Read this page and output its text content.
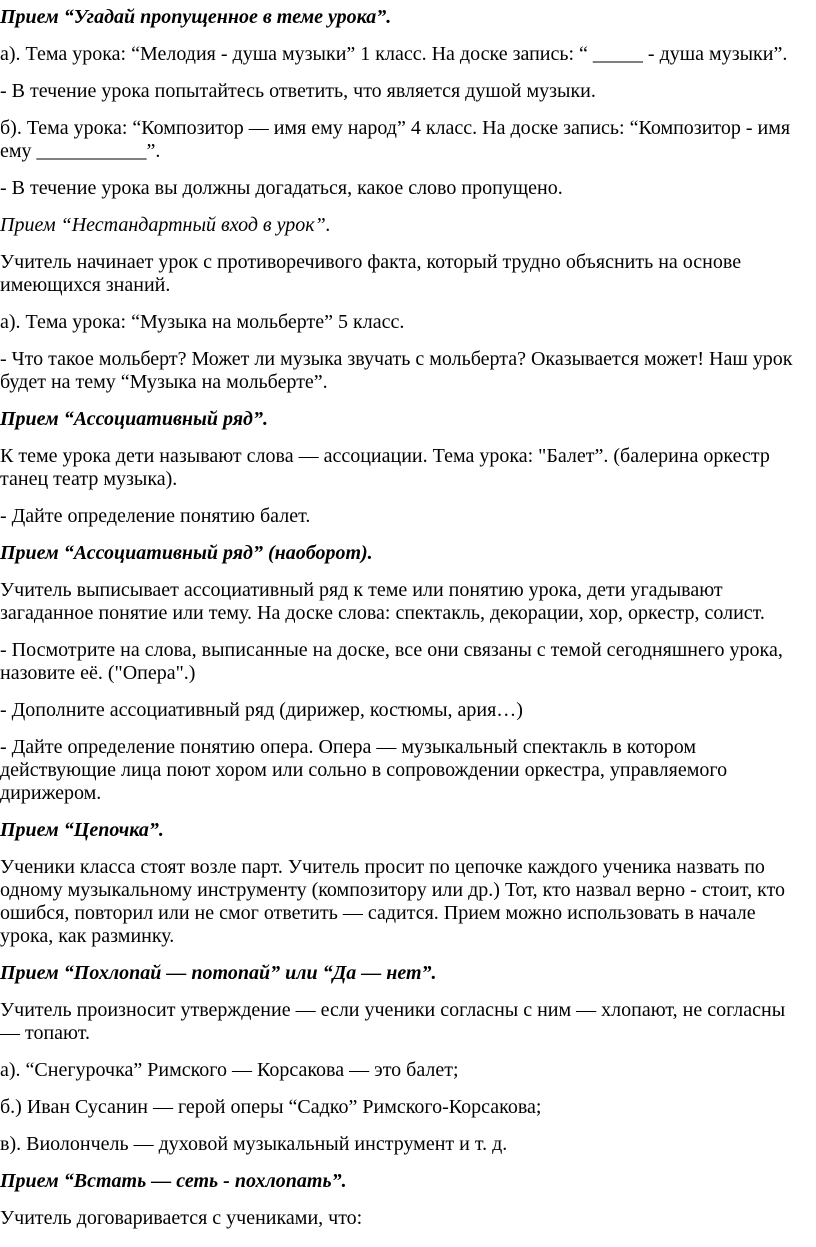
Прием “Угадай пропущенное в теме урока”.

а). Тема урока: “Мелодия - душа музыки” 1 класс. На доске запись: “ _____ - душа музыки”.

- В течение урока попытайтесь ответить, что является душой музыки.

б). Тема урока: “Композитор — имя ему народ” 4 класс. На доске запись: “Композитор - имя ему ___________”.

- В течение урока вы должны догадаться, какое слово пропущено.

Прием “Нестандартный вход в урок”.

Учитель начинает урок с противоречивого факта, который трудно объяснить на основе имеющихся знаний.

а). Тема урока: “Музыка на мольберте” 5 класс.

- Что такое мольберт? Может ли музыка звучать с мольберта? Оказывается может! Наш урок будет на тему “Музыка на мольберте”.

Прием “Ассоциативный ряд”.

К теме урока дети называют слова — ассоциации. Тема урока: "Балет”. (балерина оркестр танец театр музыка).

- Дайте определение понятию балет.

Прием “Ассоциативный ряд” (наоборот).

Учитель выписывает ассоциативный ряд к теме или понятию урока, дети угадывают загаданное понятие или тему. На доске слова: спектакль, декорации, хор, оркестр, солист.

- Посмотрите на слова, выписанные на доске, все они связаны с темой сегодняшнего урока, назовите её. ("Опера".)

- Дополните ассоциативный ряд (дирижер, костюмы, ария…)

- Дайте определение понятию опера. Опера — музыкальный спектакль в котором действующие лица поют хором или сольно в сопровождении оркестра, управляемого дирижером.

Прием “Цепочка”.

Ученики класса стоят возле парт. Учитель просит по цепочке каждого ученика назвать по одному музыкальному инструменту (композитору или др.) Тот, кто назвал верно - стоит, кто ошибся, повторил или не смог ответить — садится. Прием можно использовать в начале урока, как разминку.

Прием “Похлопай — потопай” или “Да — нет”.

Учитель произносит утверждение — если ученики согласны с ним — хлопают, не согласны — топают.

а). “Снегурочка” Римского — Корсакова — это балет;

б.) Иван Сусанин — герой оперы “Садко” Римского-Корсакова;

в). Виолончель — духовой музыкальный инструмент и т. д.

Прием “Встать — сеть - похлопать”.

Учитель договаривается с учениками, что:
